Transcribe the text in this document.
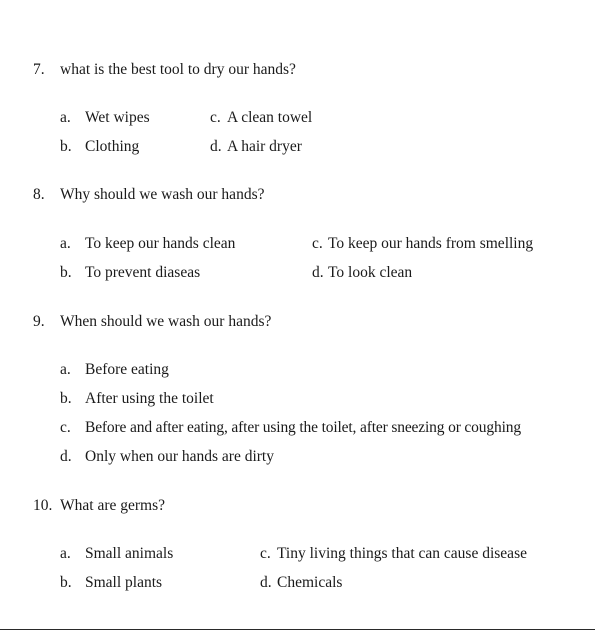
7. what is the best tool to dry our hands?
a. Wet wipes
b. Clothing
c. A clean towel
d. A hair dryer
8. Why should we wash our hands?
a. To keep our hands clean
b. To prevent diaseas
c. To keep our hands from smelling
d. To look clean
9. When should we wash our hands?
a. Before eating
b. After using the toilet
c. Before and after eating, after using the toilet, after sneezing or coughing
d. Only when our hands are dirty
10. What are germs?
a. Small animals
b. Small plants
c. Tiny living things that can cause disease
d. Chemicals
